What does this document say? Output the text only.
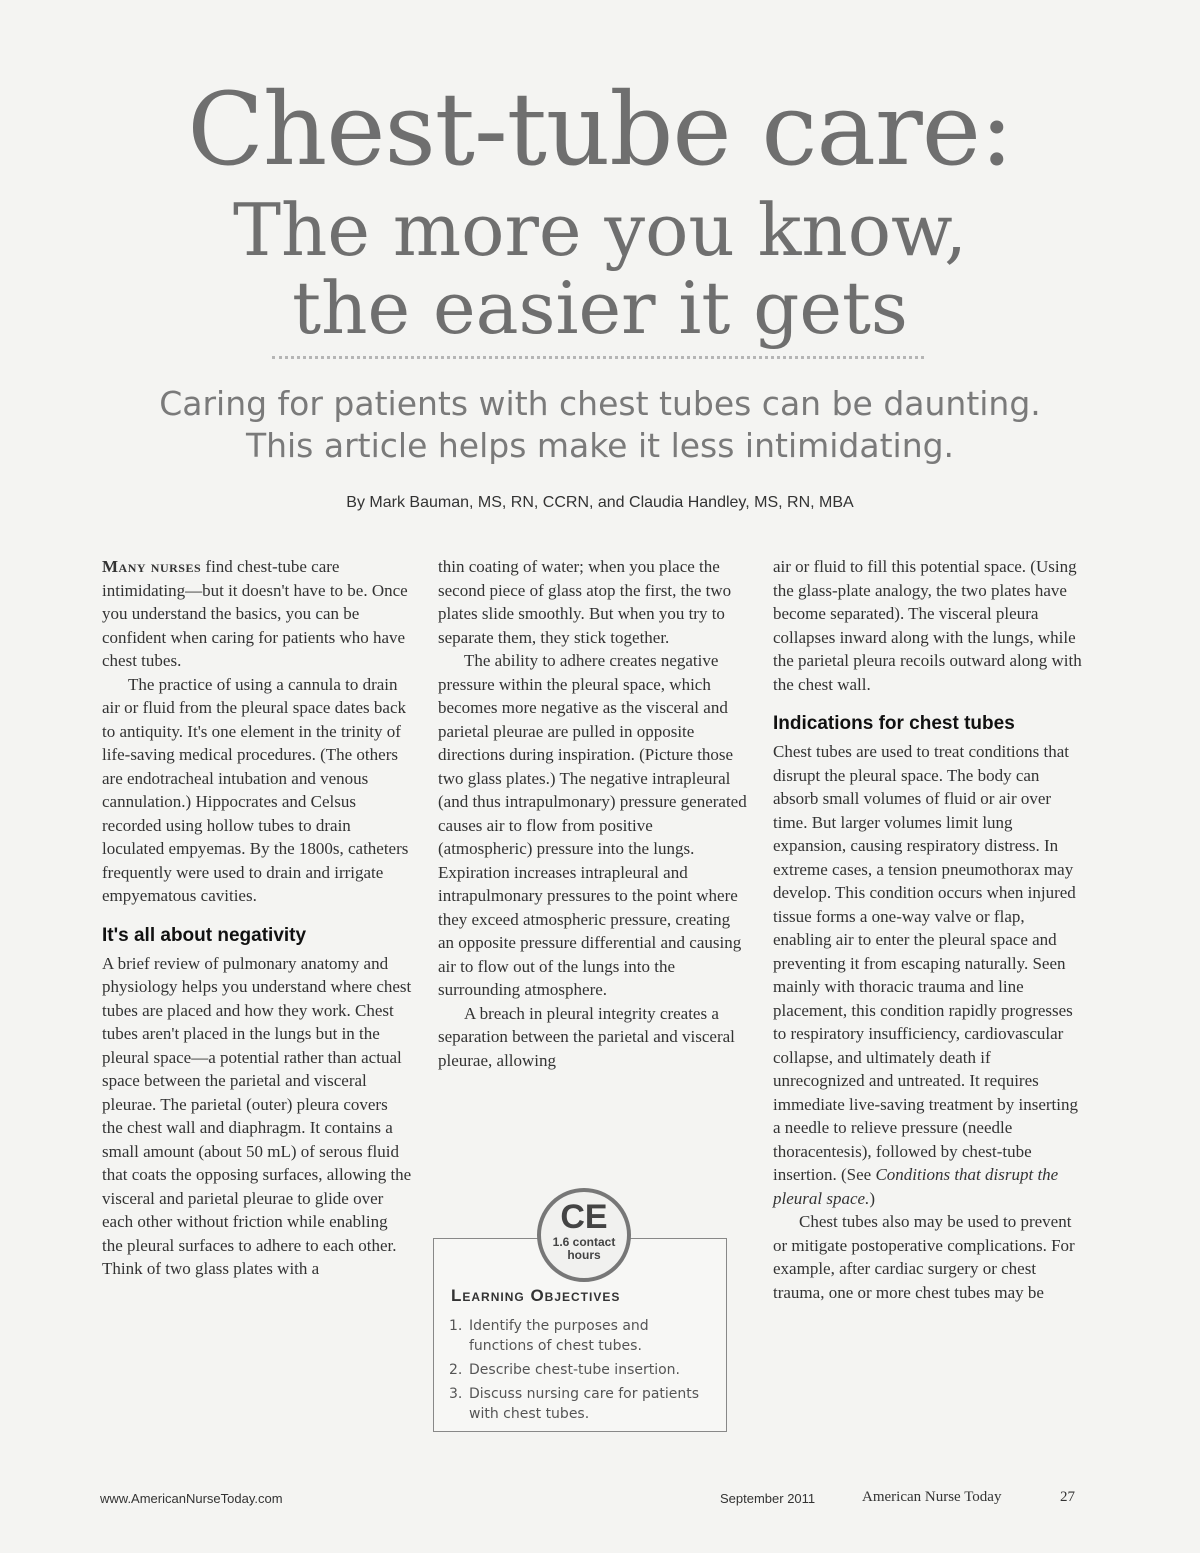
Chest-tube care:
The more you know,
the easier it gets
Caring for patients with chest tubes can be daunting.
This article helps make it less intimidating.
By Mark Bauman, MS, RN, CCRN, and Claudia Handley, MS, RN, MBA

Many nurses find chest-tube care intimidating—but it doesn't have to be. Once you understand the basics, you can be confident when caring for patients who have chest tubes.

The practice of using a cannula to drain air or fluid from the pleural space dates back to antiquity. It's one element in the trinity of life-saving medical procedures. (The others are endotracheal intubation and venous cannulation.) Hippocrates and Celsus recorded using hollow tubes to drain loculated empyemas. By the 1800s, catheters frequently were used to drain and irrigate empyematous cavities.

It's all about negativity

A brief review of pulmonary anatomy and physiology helps you understand where chest tubes are placed and how they work. Chest tubes aren't placed in the lungs but in the pleural space—a potential rather than actual space between the parietal and visceral pleurae. The parietal (outer) pleura covers the chest wall and diaphragm. It contains a small amount (about 50 mL) of serous fluid that coats the opposing surfaces, allowing the visceral and parietal pleurae to glide over each other without friction while enabling the pleural surfaces to adhere to each other. Think of two glass plates with a

thin coating of water; when you place the second piece of glass atop the first, the two plates slide smoothly. But when you try to separate them, they stick together.

The ability to adhere creates negative pressure within the pleural space, which becomes more negative as the visceral and parietal pleurae are pulled in opposite directions during inspiration. (Picture those two glass plates.) The negative intrapleural (and thus intrapulmonary) pressure generated causes air to flow from positive (atmospheric) pressure into the lungs. Expiration increases intrapleural and intrapulmonary pressures to the point where they exceed atmospheric pressure, creating an opposite pressure differential and causing air to flow out of the lungs into the surrounding atmosphere.

A breach in pleural integrity creates a separation between the parietal and visceral pleurae, allowing

air or fluid to fill this potential space. (Using the glass-plate analogy, the two plates have become separated). The visceral pleura collapses inward along with the lungs, while the parietal pleura recoils outward along with the chest wall.

Indications for chest tubes

Chest tubes are used to treat conditions that disrupt the pleural space. The body can absorb small volumes of fluid or air over time. But larger volumes limit lung expansion, causing respiratory distress. In extreme cases, a tension pneumothorax may develop. This condition occurs when injured tissue forms a one-way valve or flap, enabling air to enter the pleural space and preventing it from escaping naturally. Seen mainly with thoracic trauma and line placement, this condition rapidly progresses to respiratory insufficiency, cardiovascular collapse, and ultimately death if unrecognized and untreated. It requires immediate live-saving treatment by inserting a needle to relieve pressure (needle thoracentesis), followed by chest-tube insertion. (See Conditions that disrupt the pleural space.)

Chest tubes also may be used to prevent or mitigate postoperative complications. For example, after cardiac surgery or chest trauma, one or more chest tubes may be

CE
1.6 contact
hours
Learning Objectives
1. Identify the purposes and functions of chest tubes.
2. Describe chest-tube insertion.
3. Discuss nursing care for patients with chest tubes.
www.AmericanNurseToday.com	September 2011	American Nurse Today	27
